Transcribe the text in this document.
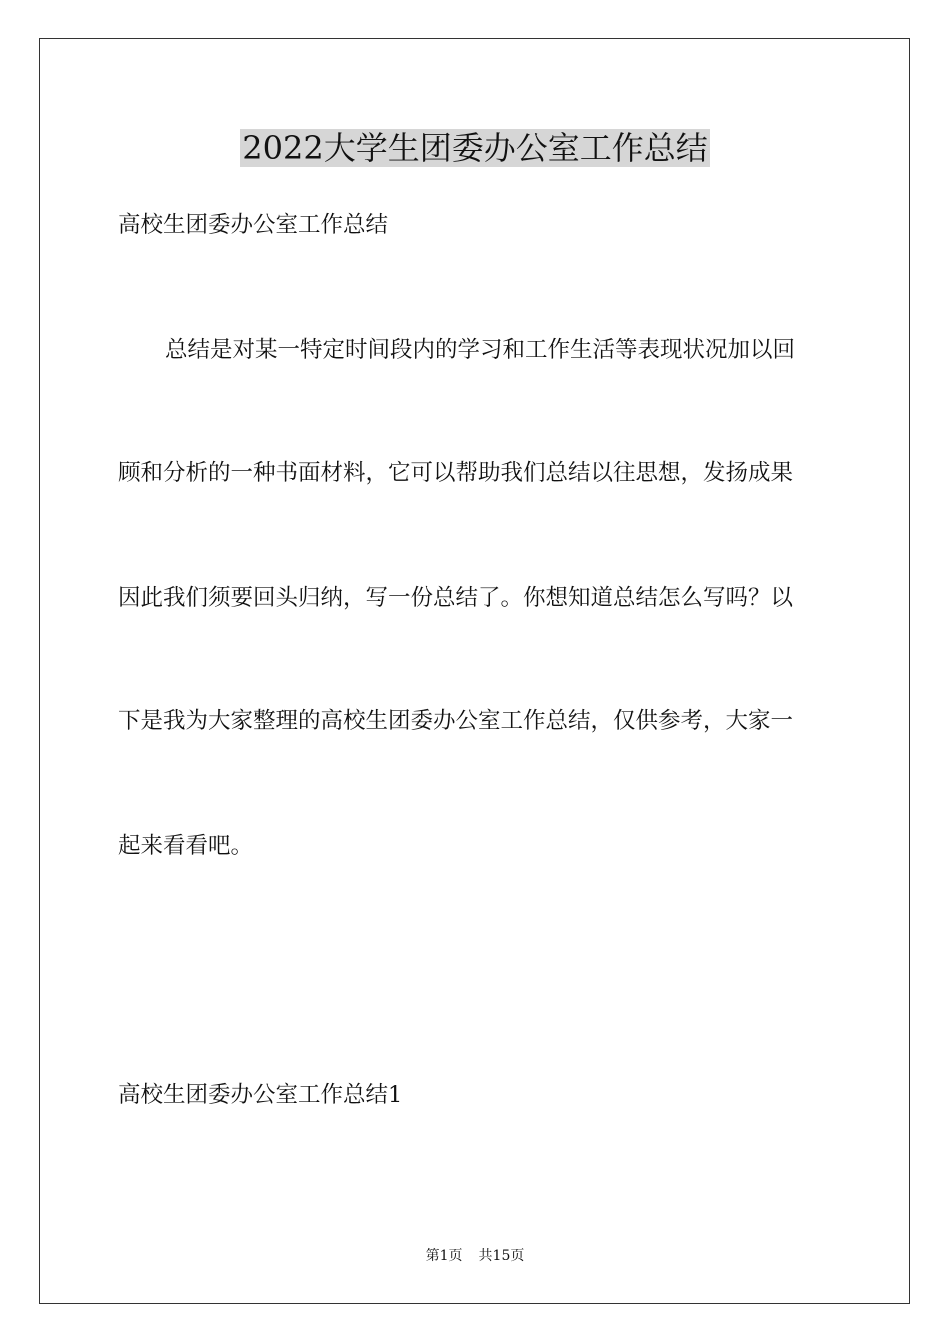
2022大学生团委办公室工作总结
高校生团委办公室工作总结
总结是对某一特定时间段内的学习和工作生活等表现状况加以回
顾和分析的一种书面材料，它可以帮助我们总结以往思想，发扬成果
因此我们须要回头归纳，写一份总结了。你想知道总结怎么写吗？以
下是我为大家整理的高校生团委办公室工作总结，仅供参考，大家一
起来看看吧。
高校生团委办公室工作总结1
第1页 共15页
